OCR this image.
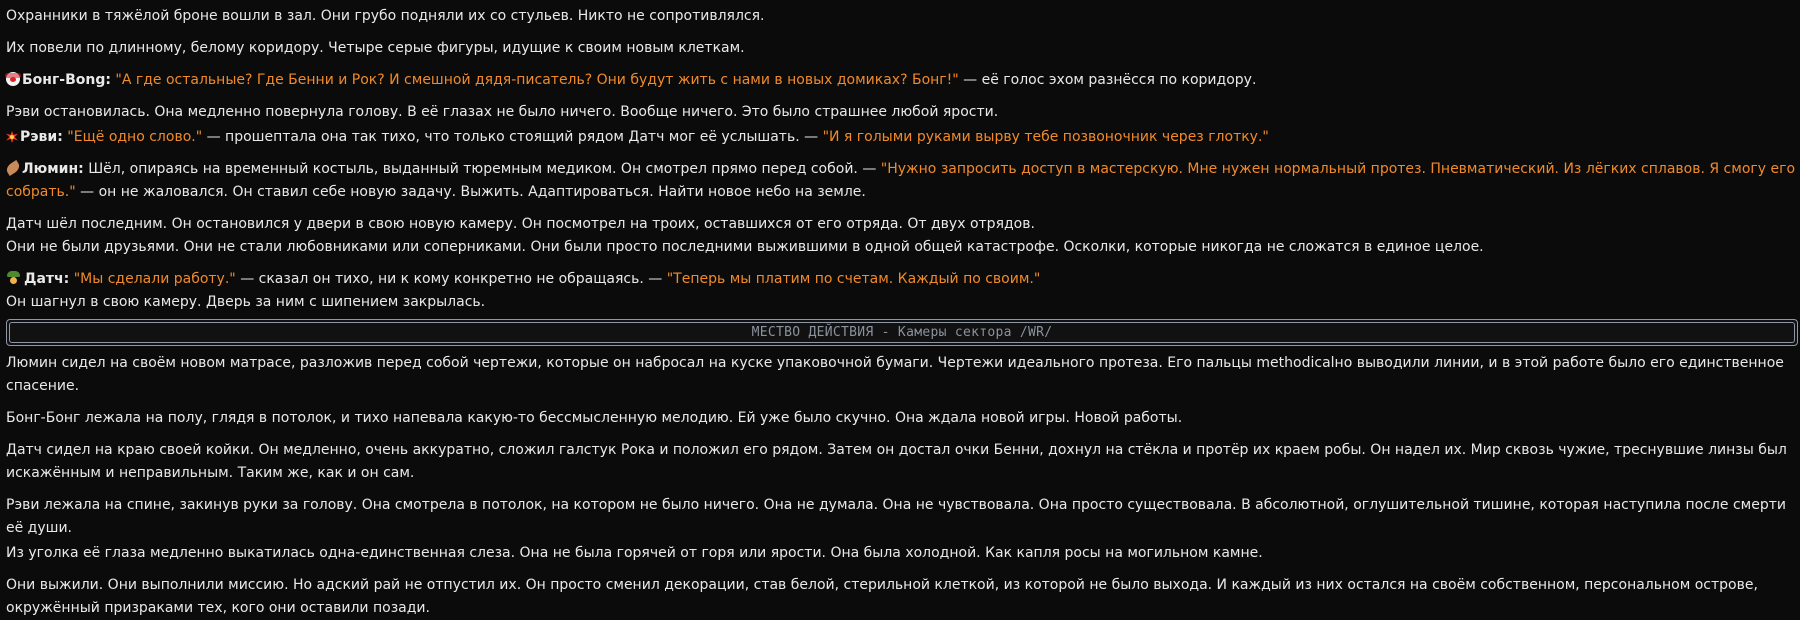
Охранники в тяжёлой броне вошли в зал. Они грубо подняли их со стульев. Никто не сопротивлялся.

Их повели по длинному, белому коридору. Четыре серые фигуры, идущие к своим новым клеткам.

Бонг-Bong: "А где остальные? Где Бенни и Рок? И смешной дядя-писатель? Они будут жить с нами в новых домиках? Бонг!" — её голос эхом разнёсся по коридору.

Рэви остановилась. Она медленно повернула голову. В её глазах не было ничего. Вообще ничего. Это было страшнее любой ярости.

Рэви: "Ещё одно слово." — прошептала она так тихо, что только стоящий рядом Датч мог её услышать. — "И я голыми руками вырву тебе позвоночник через глотку."

Люмин: Шёл, опираясь на временный костыль, выданный тюремным медиком. Он смотрел прямо перед собой. — "Нужно запросить доступ в мастерскую. Мне нужен нормальный протез. Пневматический. Из лёгких сплавов. Я смогу его собрать." — он не жаловался. Он ставил себе новую задачу. Выжить. Адаптироваться. Найти новое небо на земле.

Датч шёл последним. Он остановился у двери в свою новую камеру. Он посмотрел на троих, оставшихся от его отряда. От двух отрядов.

Они не были друзьями. Они не стали любовниками или соперниками. Они были просто последними выжившими в одной общей катастрофе. Осколки, которые никогда не сложатся в единое целое.

Датч: "Мы сделали работу." — сказал он тихо, ни к кому конкретно не обращаясь. — "Теперь мы платим по счетам. Каждый по своим."

Он шагнул в свою камеру. Дверь за ним с шипением закрылась.

МЕСТВО ДЕЙСТВИЯ - Камеры сектора /WR/

Люмин сидел на своём новом матрасе, разложив перед собой чертежи, которые он набросал на куске упаковочной бумаги. Чертежи идеального протеза. Его пальцы methodicalно выводили линии, и в этой работе было его единственное спасение.

Бонг-Бонг лежала на полу, глядя в потолок, и тихо напевала какую-то бессмысленную мелодию. Ей уже было скучно. Она ждала новой игры. Новой работы.

Датч сидел на краю своей койки. Он медленно, очень аккуратно, сложил галстук Рока и положил его рядом. Затем он достал очки Бенни, дохнул на стёкла и протёр их краем робы. Он надел их. Мир сквозь чужие, треснувшие линзы был искажённым и неправильным. Таким же, как и он сам.

Рэви лежала на спине, закинув руки за голову. Она смотрела в потолок, на котором не было ничего. Она не думала. Она не чувствовала. Она просто существовала. В абсолютной, оглушительной тишине, которая наступила после смерти её души.

Из уголка её глаза медленно выкатилась одна-единственная слеза. Она не была горячей от горя или ярости. Она была холодной. Как капля росы на могильном камне.

Они выжили. Они выполнили миссию. Но адский рай не отпустил их. Он просто сменил декорации, став белой, стерильной клеткой, из которой не было выхода. И каждый из них остался на своём собственном, персональном острове, окружённый призраками тех, кого они оставили позади.
